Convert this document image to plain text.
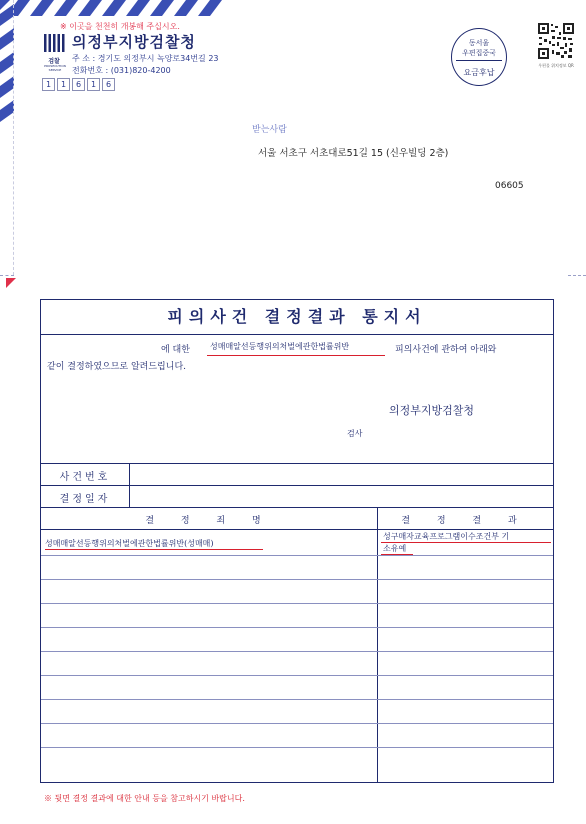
※ 이곳을 천천히 개봉해 주십시오.
검찰
PROSECUTION SERVICE
의정부지방검찰청
주 소 : 경기도 의정부시 녹양로34번길 23
전화번호 : (031)820-4200
1	1	6	1	6
동서울
우편집중국
요금후납
우편물 위치정보 QR
받는사람
서울 서초구 서초대로51길 15 (신우빌딩 2층)
06605
피의사건 결정결과 통지서
에 대한	성매매알선등행위의처벌에관한법률위반	피의사건에 관하여 아래와
같이 결정하였으므로 알려드립니다.
의정부지방검찰청
검사
사건번호
결정일자
결 정 죄 명	결 정 결 과
성매매알선등행위의처벌에관한법률위반(성매매)
성구매자교육프로그램이수조건부 기
소유예
※ 뒷면 결정 결과에 대한 안내 등을 참고하시기 바랍니다.
